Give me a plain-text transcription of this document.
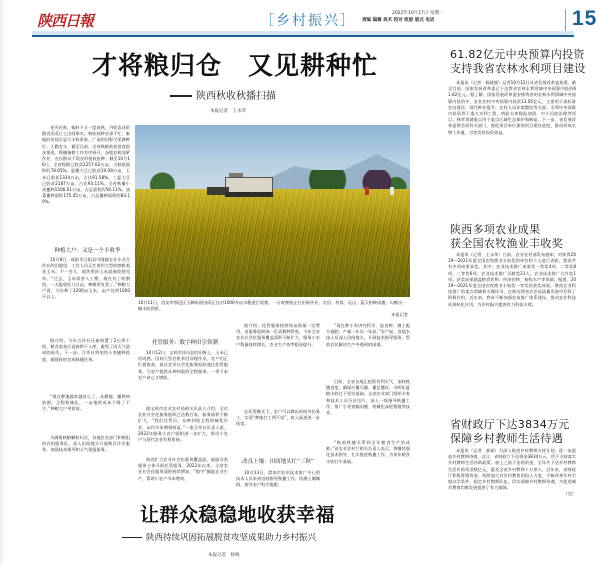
陕西日報	［乡村振兴］	2022年10月17日 星期一
责编 编辑 美术 校对 组版 版式 电话	15
才将粮归仓　又见耕种忙
陕西秋收秋播扫描
本报记者　王永华

金风送爽，秦岭下又一度成熟，丹收喜获的粮食蒸蒸日上田间果实，秋收秋种农事千忙，秦地的田间呈显大丰收景象。广袤的田野又见耕种忙。人勤农丰，截至目前，全省秋粮收获进度稳步推进，秋播备耕工作有序展开，各地农机加紧作业，农民群众不误农时抢收抢种。截至10月16日，全省秋粮已收获2257.62万亩，占秋收面积的78.65%。夏播大豆已收获19.08万亩，玉米已收获1334万亩，占比91.58%。三夏大豆已收获2187万亩，占比93.11%。全省秋播小麦播种1506.01万亩，占总面积的58.11%，油菜播种面积175.45万亩，占总播种面积的83.10%。

种植大户：又是一个丰收季

10月8日，咸阳市泾阳县兴隆镇农业专业合作社的田地里，工作人员正忙着用大型收割机收获玉米。不一会儿，地块里的玉米就被收割完毕。“过去，玉米需要人工掰，现在有了收割机，一天能收好几百亩，种粮更有劲了。”种粮大户说，今年种了1200亩玉米，亩产达到1000斤以上。

据介绍，今年合作社还新购置了2台烘干机，粮食收获后直接烘干入库，避免了因天气造成的损失。下一步，合作社将加快小麦播种进度，确保按时完成秋播任务。

“现在种地越来越省心了，从耕地、播种到收割，全程机械化，一亩地的成本下降了不少。”种粮大户笑着说。

为确保秋粮颗粒归仓，各地农业部门积极组织农机服务队，深入田间地头开展跨区作业服务，加强技术指导和天气预报服务。

10月11日，西安市鄂邑区玉蝉街道田间正在对1000多亩水稻进行收割。一台收割机正在田间作业，农田、村落、远山、蓝天相映成趣，勾勒出一幅丰收图景。
本报记者
托管服务：数字种田引领潮

10月12日，宝鸡市扶风县的田野上，玉米已经成熟。田间大型农机来回穿梭作业，农户们正忙着收获。眉县农业社会化服务组织通过托管服务，为农户提供从种到收的全程服务，一季下来农户省心又增收。

据宝鸡市农业农村局相关负责人介绍，全市农业社会化服务组织已达数百家，服务面积不断扩大。“我们托管后，从种到收全程机械化作业，亩均节本增效明显。”一家合作社负责人说，2022年服务小农户面积进一步扩大，带动小农户与现代农业有机衔接。

陕西扩大农业社会化服务覆盖面，鼓励各类服务主体开展托管服务，2022年以来，全省农业社会化服务面积持续增加，“数字”赋能农业生产，帮助小农户节本增效。

据介绍，托管服务按照每亩收取一定费用，由服务组织统一负责耕种管收。今年全省农业社会化服务覆盖面积不断扩大，服务小农户数量持续增长，农业生产效率稳步提升。

在托管模式下，农户可以腾出时间外出务工，实现“种地打工两不误”，收入渠道进一步拓宽。

改良土壤：田间地头忙“三秋”

10月13日，渭南市农业技术推广中心的技术人员来到田间指导秋播工作，检测土壤墒情，指导农户科学施肥。

“现在种小麦讲究科学，选良种、测土配方施肥，产量一年比一年高。”农户说。各地农技人员深入田间地头，开展技术指导服务，帮助农民解决生产中遇到的困难。

目前，全省各地正抢抓有利天气，加快秋播进度，确保应播尽播、播足播好，为明年夏粮丰收打下坚实基础。全省农业部门组织专家和技术人员分区包片，深入一线指导秋播工作，推广小麦宽幅沟播、机械化深松整地等技术。

“秋收秋播关系到全年粮食生产的成败。”省农业农村厅相关负责人表示，将继续强化技术指导，扎实推进秋播工作，为来年粮食丰收打牢基础。

61.82亿元中央预算内投资
支持我省农林水利项目建设

本报讯（记者　杨媛媛）记者10月12日从省发展改革委获悉，截至目前，国家发展改革委已下达我省农林水利领域中央预算内投资61.82亿元。据了解，国家发展改革委安排我省的农林水利领域中央预算内投资中，农业农村中央预算内投资13.05亿元，主要用于高标准农田建设、现代种业提升、农村人居环境整治等方面；水利中央预算内投资用于重大水利工程、病险水库除险加固、中小河流治理等项目；林草领域重点用于重点区域生态保护和修复。下一步，省发展改革委将会同有关部门，督促项目单位加快项目建设进度，推动形成实物工作量，尽快发挥投资效益。

陕西多项农业成果
获全国农牧渔业丰收奖

本报讯（记者　王永华）日前，农业农村部发布通知，对获得2019—2021年度全国农牧渔业丰收奖的单位和个人进行表彰，我省共有多项成果获奖。其中，农业技术推广成果奖一等奖4项、二等奖8项、三等奖6项，农业技术推广贡献奖21人，农业技术推广合作奖1项。获奖成果涵盖粮食作物、经济作物、畜牧水产等领域。据悉，2019—2021年度全国农牧渔业丰收奖一等奖的获奖成果，聚焦农业科技推广的重点领域和关键环节，在推动我省农业高质量发展中发挥了积极作用。近年来，我省不断加强农技推广体系建设，推动农业科技成果转化应用，为乡村振兴提供有力科技支撑。

省财政厅下达3834万元
保障乡村教师生活待遇

本报讯（记者　郝斌）为深入推进乡村教师支持计划，进一步提高乡村教师待遇，近日，省财政厅下达资金3834万元，用于支持落实乡村教师生活补助政策。加上之前下达的资金，全年共下达乡村教师生活补助资金数亿元，惠及全省乡村教师十万余人。近年来，省财政厅积极筹措资金，持续加大对乡村教育的投入力度，不断改善乡村学校办学条件，稳定乡村教师队伍，切实保障乡村教师待遇，为促进城乡教育均衡发展提供了有力保障。

（完）
让群众稳稳地收获幸福
陕西持续巩固拓展脱贫攻坚成果助力乡村振兴
本报记者　杨梅
